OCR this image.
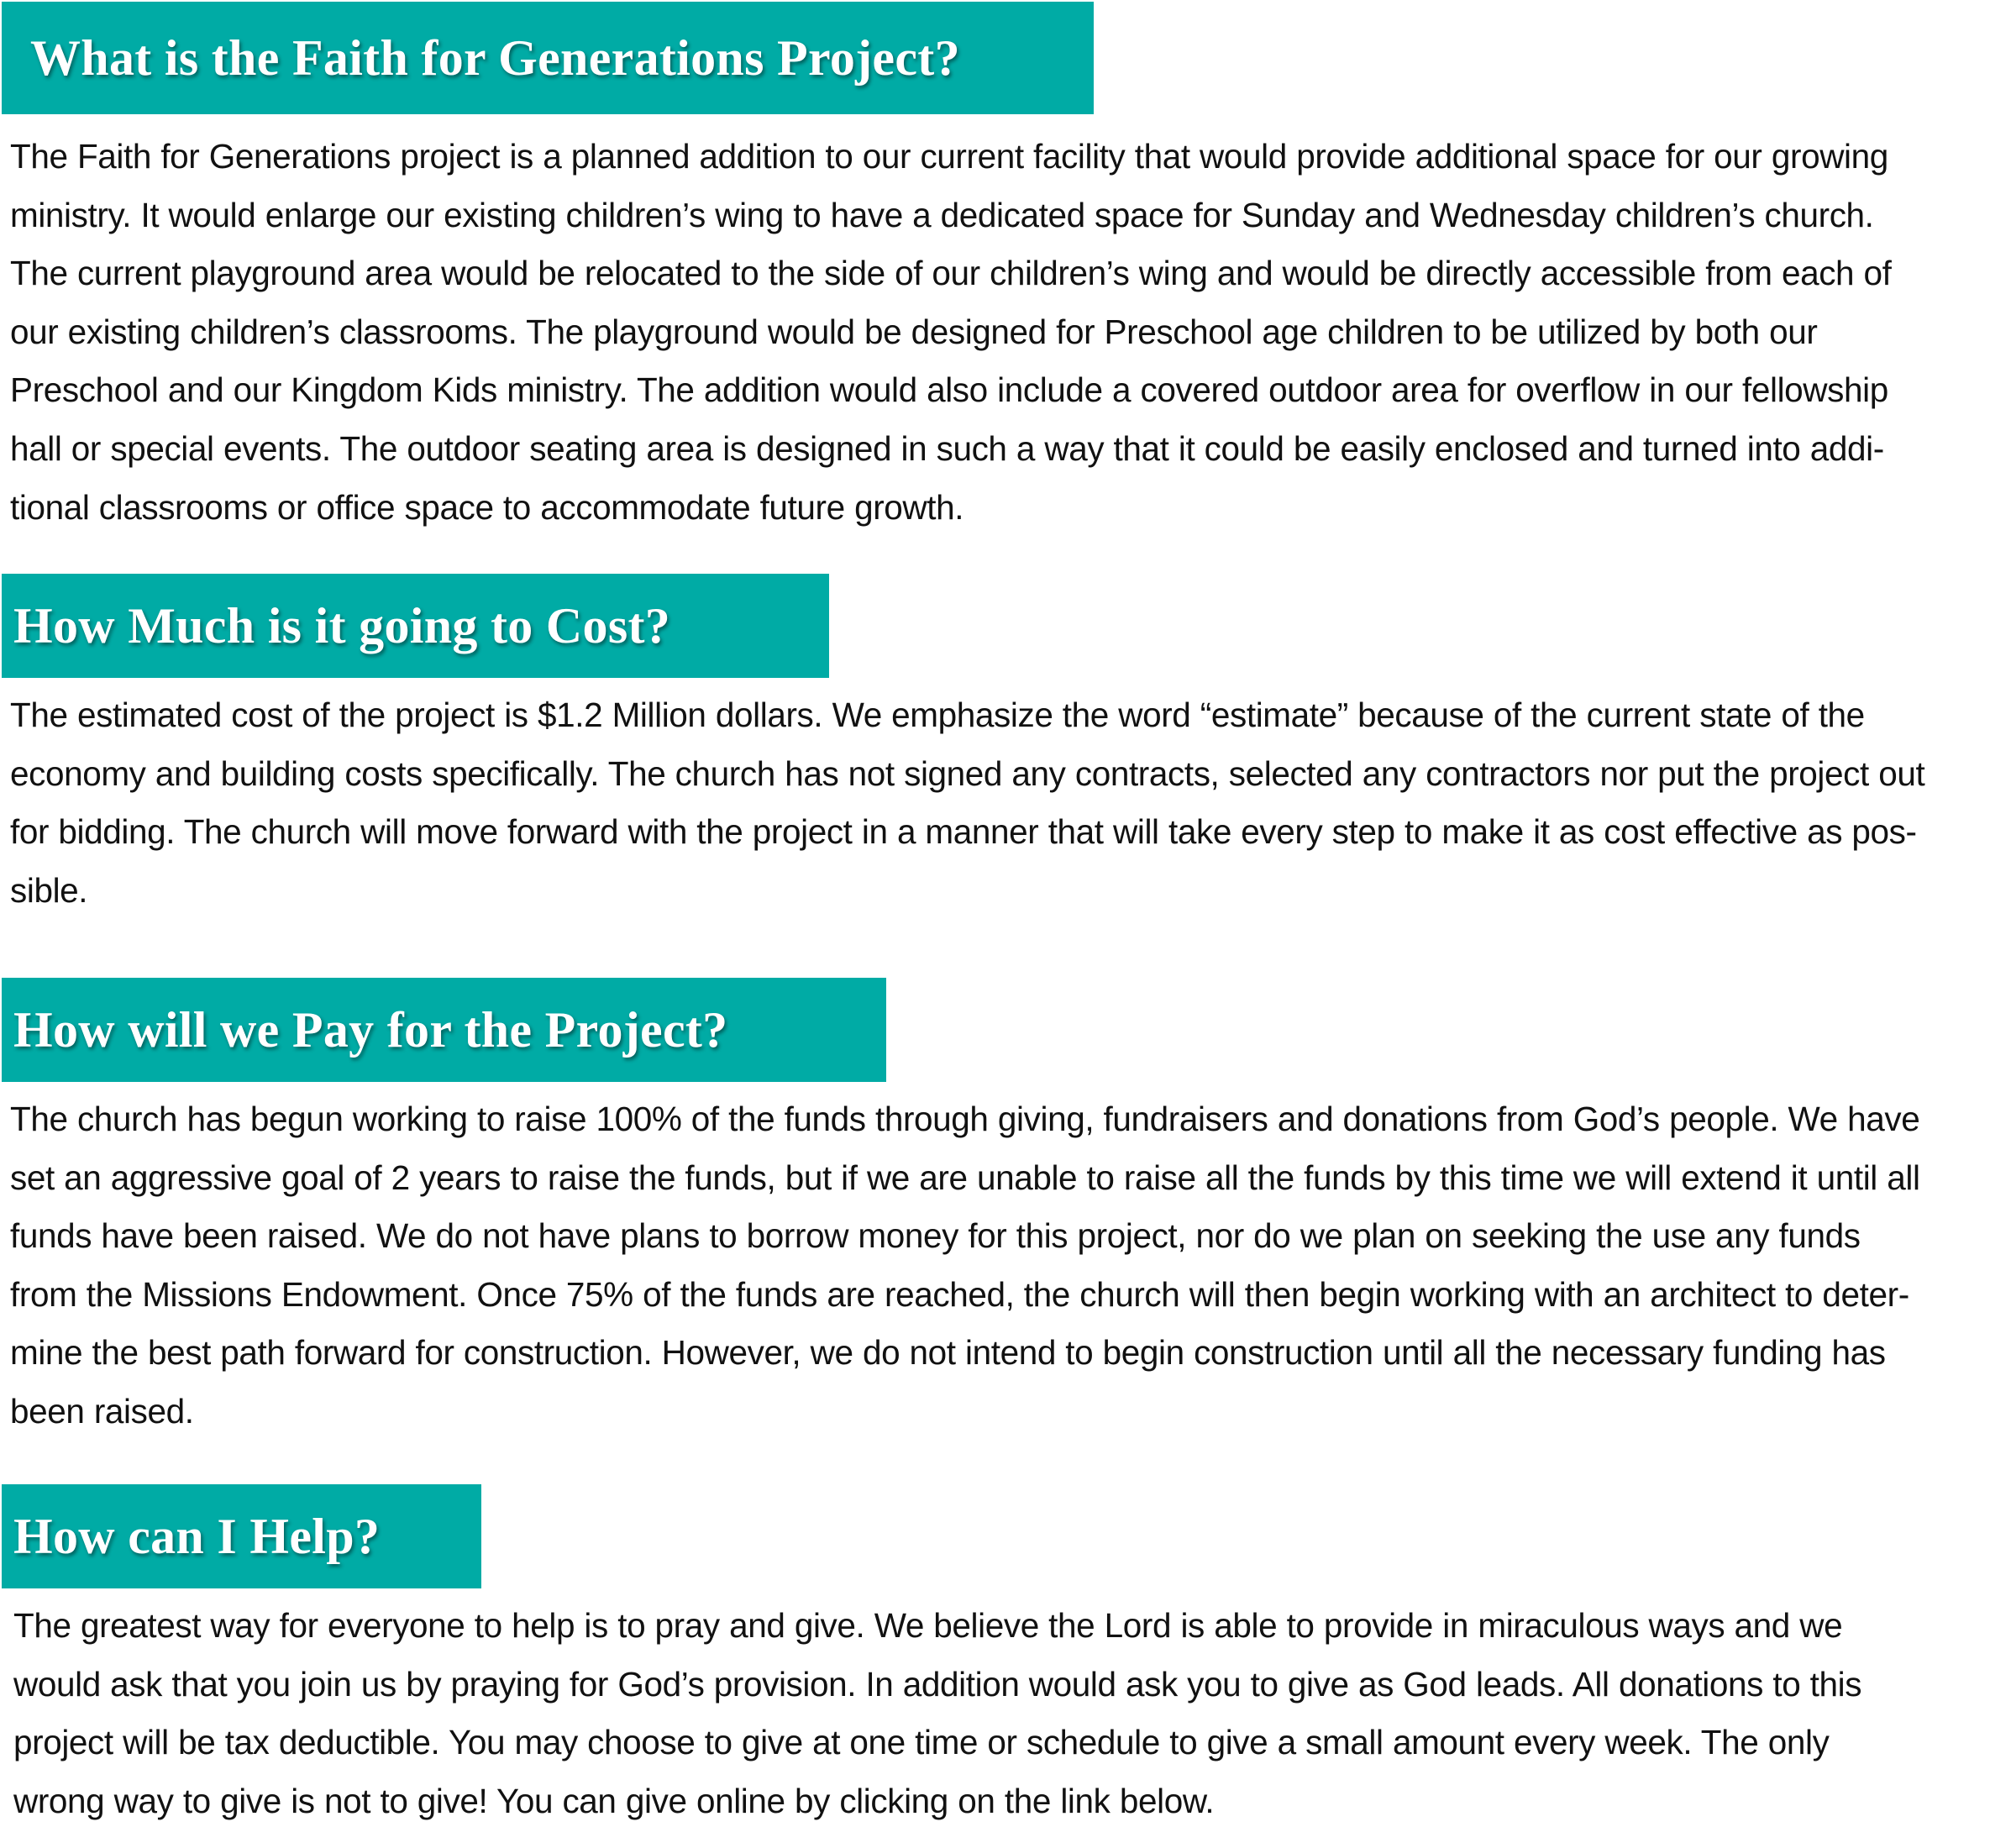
What is the Faith for Generations Project?
The Faith for Generations project is a planned addition to our current facility that would provide additional space for our growing
ministry. It would enlarge our existing children’s wing to have a dedicated space for Sunday and Wednesday children’s church.
The current playground area would be relocated to the side of our children’s wing and would be directly accessible from each of
our existing children’s classrooms. The playground would be designed for Preschool age children to be utilized by both our
Preschool and our Kingdom Kids ministry. The addition would also include a covered outdoor area for overflow in our fellowship
hall or special events. The outdoor seating area is designed in such a way that it could be easily enclosed and turned into addi-
tional classrooms or office space to accommodate future growth.
How Much is it going to Cost?
The estimated cost of the project is $1.2 Million dollars. We emphasize the word “estimate” because of the current state of the
economy and building costs specifically. The church has not signed any contracts, selected any contractors nor put the project out
for bidding. The church will move forward with the project in a manner that will take every step to make it as cost effective as pos-
sible.
How will we Pay for the Project?
The church has begun working to raise 100% of the funds through giving, fundraisers and donations from God’s people. We have
set an aggressive goal of 2 years to raise the funds, but if we are unable to raise all the funds by this time we will extend it until all
funds have been raised. We do not have plans to borrow money for this project, nor do we plan on seeking the use any funds
from the Missions Endowment. Once 75% of the funds are reached, the church will then begin working with an architect to deter-
mine the best path forward for construction. However, we do not intend to begin construction until all the necessary funding has
been raised.
How can I Help?
The greatest way for everyone to help is to pray and give. We believe the Lord is able to provide in miraculous ways and we
would ask that you join us by praying for God’s provision. In addition would ask you to give as God leads. All donations to this
project will be tax deductible. You may choose to give at one time or schedule to give a small amount every week. The only
wrong way to give is not to give! You can give online by clicking on the link below.
